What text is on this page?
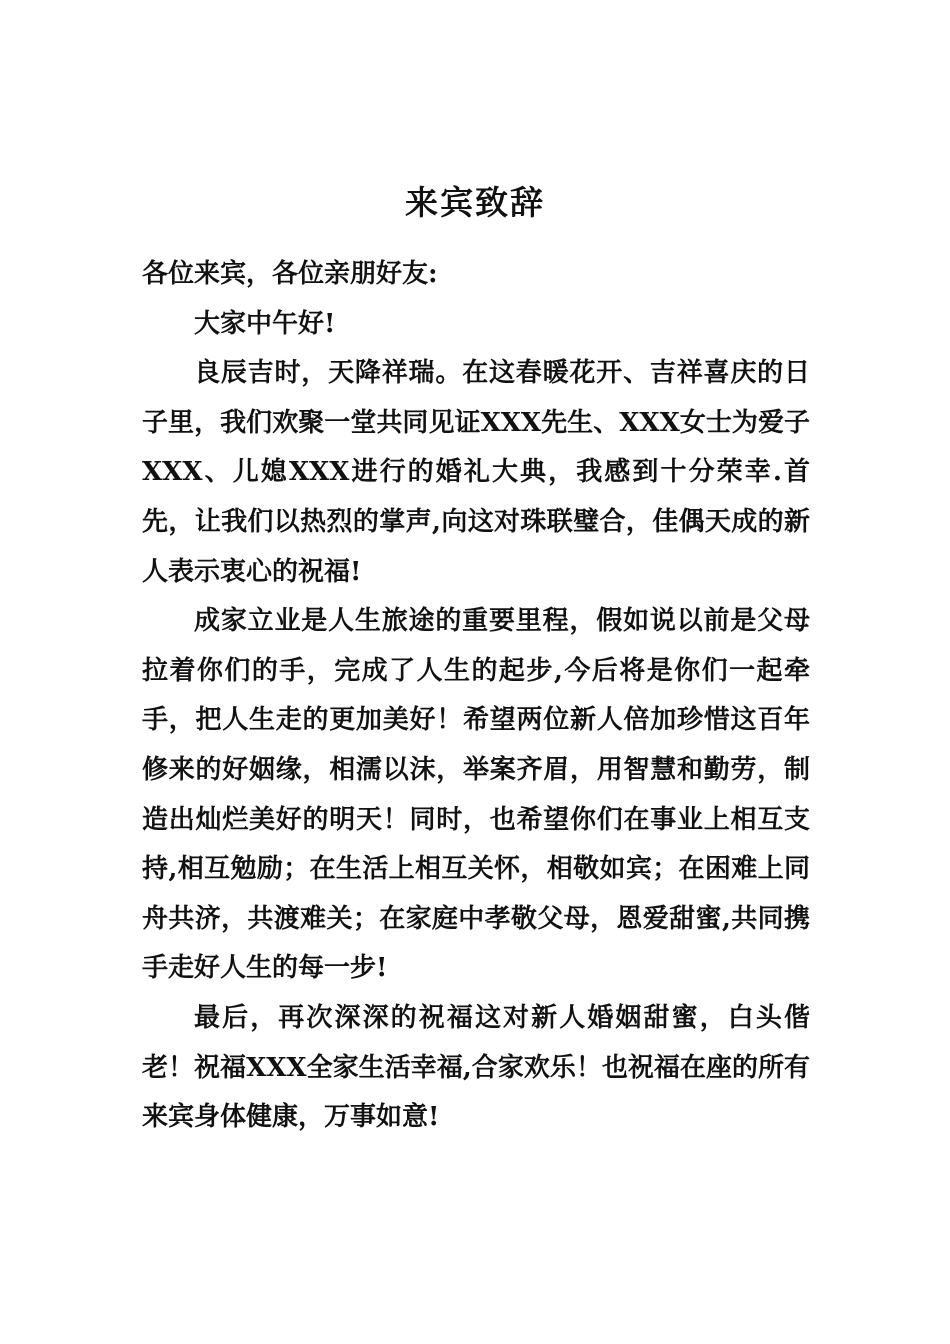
来宾致辞

各位来宾，各位亲朋好友:

大家中午好!

良辰吉时，天降祥瑞。在这春暖花开、吉祥喜庆的日子里，我们欢聚一堂共同见证XXX先生、XXX女士为爱子XXX、儿媳XXX进行的婚礼大典，我感到十分荣幸.首先，让我们以热烈的掌声,向这对珠联璧合，佳偶天成的新人表示衷心的祝福!

成家立业是人生旅途的重要里程，假如说以前是父母拉着你们的手，完成了人生的起步,今后将是你们一起牵手，把人生走的更加美好！希望两位新人倍加珍惜这百年修来的好姻缘，相濡以沫，举案齐眉，用智慧和勤劳，制造出灿烂美好的明天！同时，也希望你们在事业上相互支持,相互勉励；在生活上相互关怀，相敬如宾；在困难上同舟共济，共渡难关；在家庭中孝敬父母，恩爱甜蜜,共同携手走好人生的每一步!

最后，再次深深的祝福这对新人婚姻甜蜜，白头偕老！祝福XXX全家生活幸福,合家欢乐！也祝福在座的所有来宾身体健康，万事如意!
